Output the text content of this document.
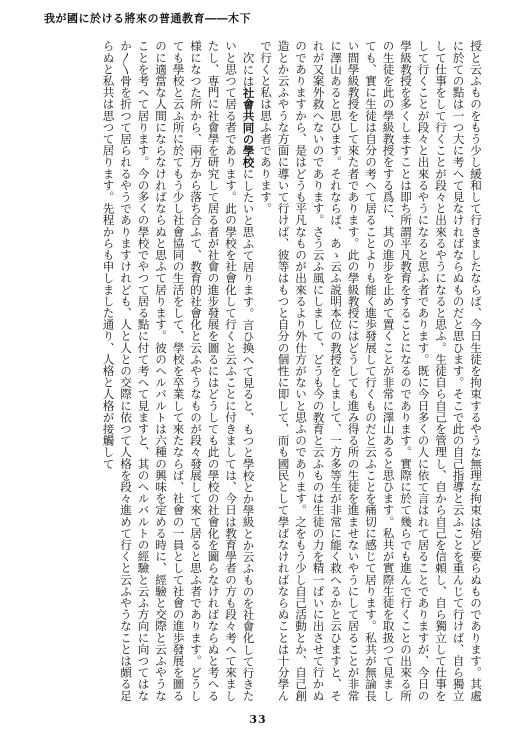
我が國に於ける將來の普通教育――木下

授と云ふものをもう少し緩和して行きましたならば、今日生徒を拘束するやうな無理な拘束は殆ど要らぬものであります。其處に於ての點は一つ大に考へて見なければならぬものだと思ひます。そこで此の自己指導と云ふことを重んじて行けば、自ら獨立して仕事をして行くことが段々と出來るやうになると思ふ。生徒自ら自己を管理し、自から自己を信頼し、自ら獨立して仕事をして行くことが段々と出來るやうになると思ふ者であります。既に今日多くの人に依て言はれて居ることでありますが、今日の學級教授を多くしますことは即ち所謂平凡教育をすることになるのであります。實際に於て幾らでも進んで行くことの出來る所の生徒を此の學級教授をする爲に、其の進步を止めて置くことが非常に澤山あると思ひます。私共が實際生徒を取扱つて見ましても、實に生徒は自分の考へて居ることよりも能く進歩發展して行くものだと云ふことを痛切に感じて居ります。私共が無論長い間學級教授をして來た者であります。此の學級教授にはどうしても進み得る所の生徒を進ませないやうにして居ることが非常に澤山あると思ひます。それならば、あゝ云ふ説明本位の教授をしまして、一方多等生が非常に能く救へるかと云ひますと、それが又案外救へないのであります。さう云ふ風にしまして、どうも今の教育と云ふものは生徒の力を精一ぱいに出させて行かぬのでありますから、是はどうも平凡なものが出來るより外仕方がないと思ふのであります。之をもう少し自己活動とか、自己創造とか云ふやうな方面に導いて行けば、彼等はもつと自分の個性に即して、而も國民として學ばなければならぬことは十分學んで行くと私は思ふ者であります。

次には社會共同の學校にしたいと思ふて居ります。言ひ換へて見ると、もつと學校とか學級とか云ふものを社會化して行きたいと思つて居る者であります。此の學校を社會化して行くと云ふことに付きましては、今日は教育學者の方も段々考へて來ましたし、専門に社會學を研究して居る者が社會の進步發展を圖るにはどうしても此の學校の社會化を圖らなければならぬと考へる様になつた所から、兩方から落ち合ふて、教育的社會化と云ふやうなものが段々發展して來て居ると思ふ者であります。どうしても學校と云ふ所に於てもう少し社會協同の生活をして、學校を卒業して來たならば、社會の一員として社會の進歩發展を圖るのに適當な人間にならなければならぬと思ふて居ります。彼のヘルバルトは六種の興味を定める時に、經驗と交際と云ふやうなことを考へて居ります。今の多くの學校でやつて居る點に付て考へて見ますと、其のヘルバルトの經驗と云ふ方向に向つてはなか〳〵骨を折つて居られるやうでありますけれども、人と人との交際に依つて人格を段々進めて行くと云ふやうなことは頗る足らぬと私共は思つて居ります。先程からも申しました通り、人格と人格が接觸して

33
